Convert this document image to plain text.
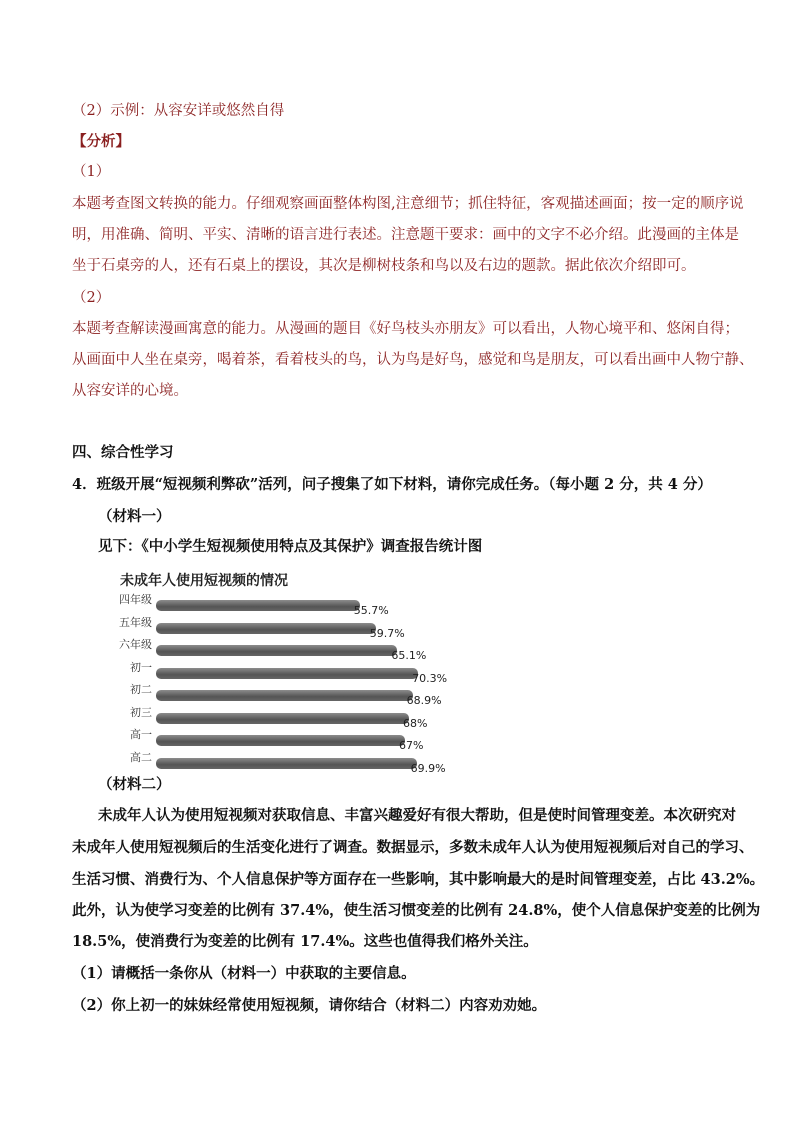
（2）示例：从容安详或悠然自得
【分析】
（1）
本题考查图文转换的能力。仔细观察画面整体构图,注意细节；抓住特征，客观描述画面；按一定的顺序说
明，用准确、简明、平实、清晰的语言进行表述。注意题干要求：画中的文字不必介绍。此漫画的主体是
坐于石桌旁的人，还有石桌上的摆设，其次是柳树枝条和鸟以及右边的题款。据此依次介绍即可。
（2）
本题考查解读漫画寓意的能力。从漫画的题目《好鸟枝头亦朋友》可以看出，人物心境平和、悠闲自得；
从画面中人坐在桌旁，喝着茶，看着枝头的鸟，认为鸟是好鸟，感觉和鸟是朋友，可以看出画中人物宁静、
从容安详的心境。
四、综合性学习
4．班级开展“短视频利弊砍”活列，问子搜集了如下材料，请你完成任务。（每小题 2 分，共 4 分）
（材料一）
见下：《中小学生短视频使用特点及其保护》调查报告统计图
未成年人使用短视频的情况
四年级
55.7%
五年级
59.7%
六年级
65.1%
初一
70.3%
初二
68.9%
初三
68%
高一
67%
高二
69.9%
（材料二）
未成年人认为使用短视频对获取信息、丰富兴趣爱好有很大帮助，但是使时间管理变差。本次研究对
未成年人使用短视频后的生活变化进行了调查。数据显示，多数未成年人认为使用短视频后对自己的学习、
生活习惯、消费行为、个人信息保护等方面存在一些影响，其中影响最大的是时间管理变差，占比 43.2%。
此外，认为使学习变差的比例有 37.4%，使生活习惯变差的比例有 24.8%，使个人信息保护变差的比例为
18.5%，使消费行为变差的比例有 17.4%。这些也值得我们格外关注。
（1）请概括一条你从（材料一）中获取的主要信息。
（2）你上初一的妹妹经常使用短视频，请你结合（材料二）内容劝劝她。
